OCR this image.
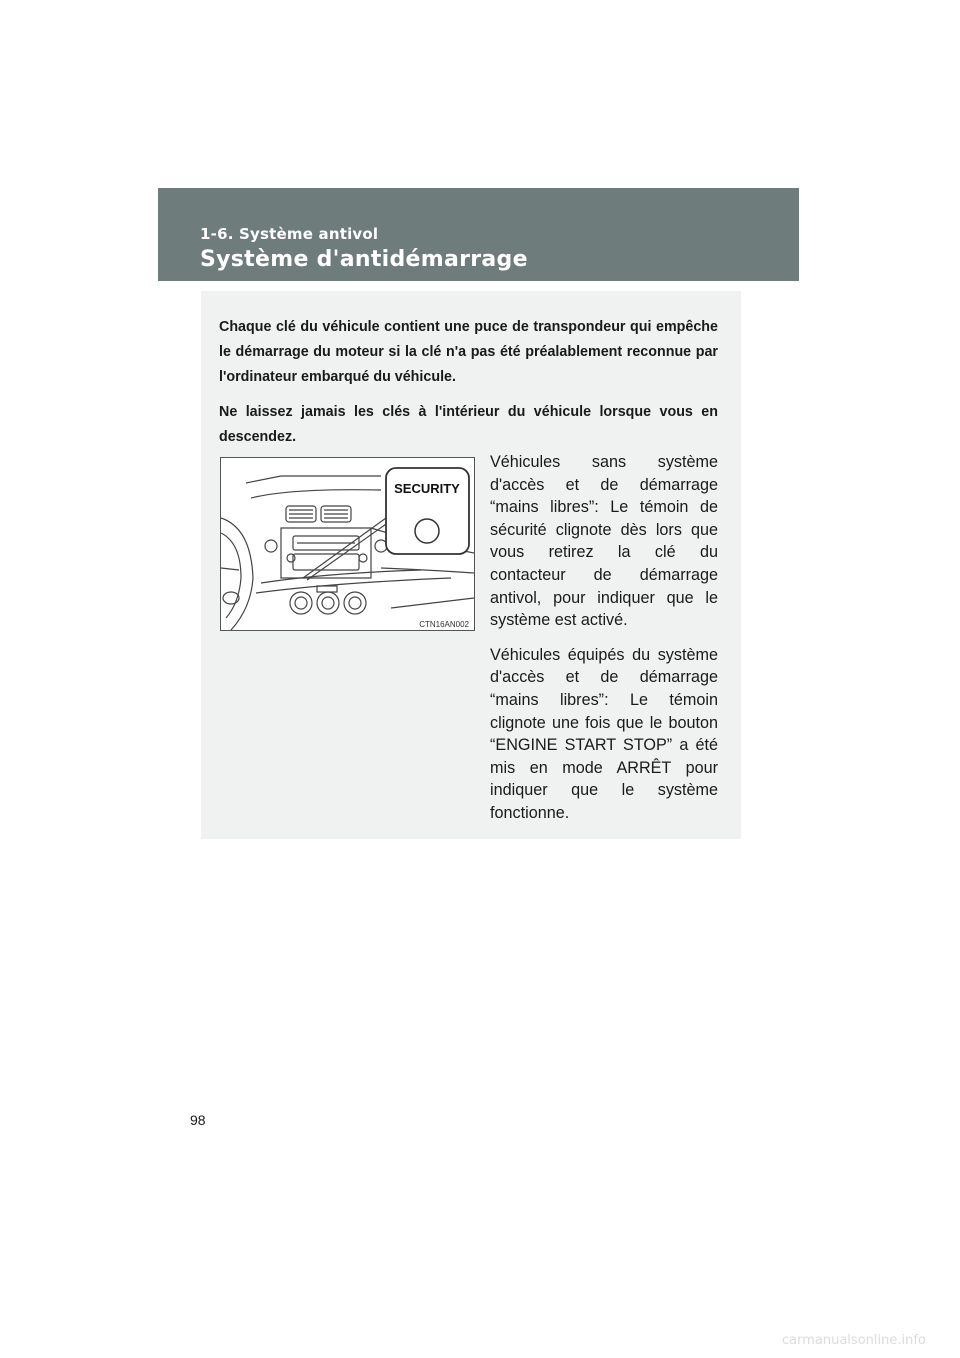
1-6. Système antivol
Système d'antidémarrage

Chaque clé du véhicule contient une puce de transpondeur qui empêche le démarrage du moteur si la clé n'a pas été préalablement reconnue par l'ordinateur embarqué du véhicule.

Ne laissez jamais les clés à l'intérieur du véhicule lorsque vous en descendez.

SECURITY
CTN16AN002

Véhicules sans système d'accès et de démarrage “mains libres”: Le témoin de sécurité clignote dès lors que vous retirez la clé du contacteur de démarrage antivol, pour indiquer que le système est activé.

Véhicules équipés du système d'accès et de démarrage “mains libres”: Le témoin clignote une fois que le bouton “ENGINE START STOP” a été mis en mode ARRÊT pour indiquer que le système fonctionne.

98
carmanualsonline.info
